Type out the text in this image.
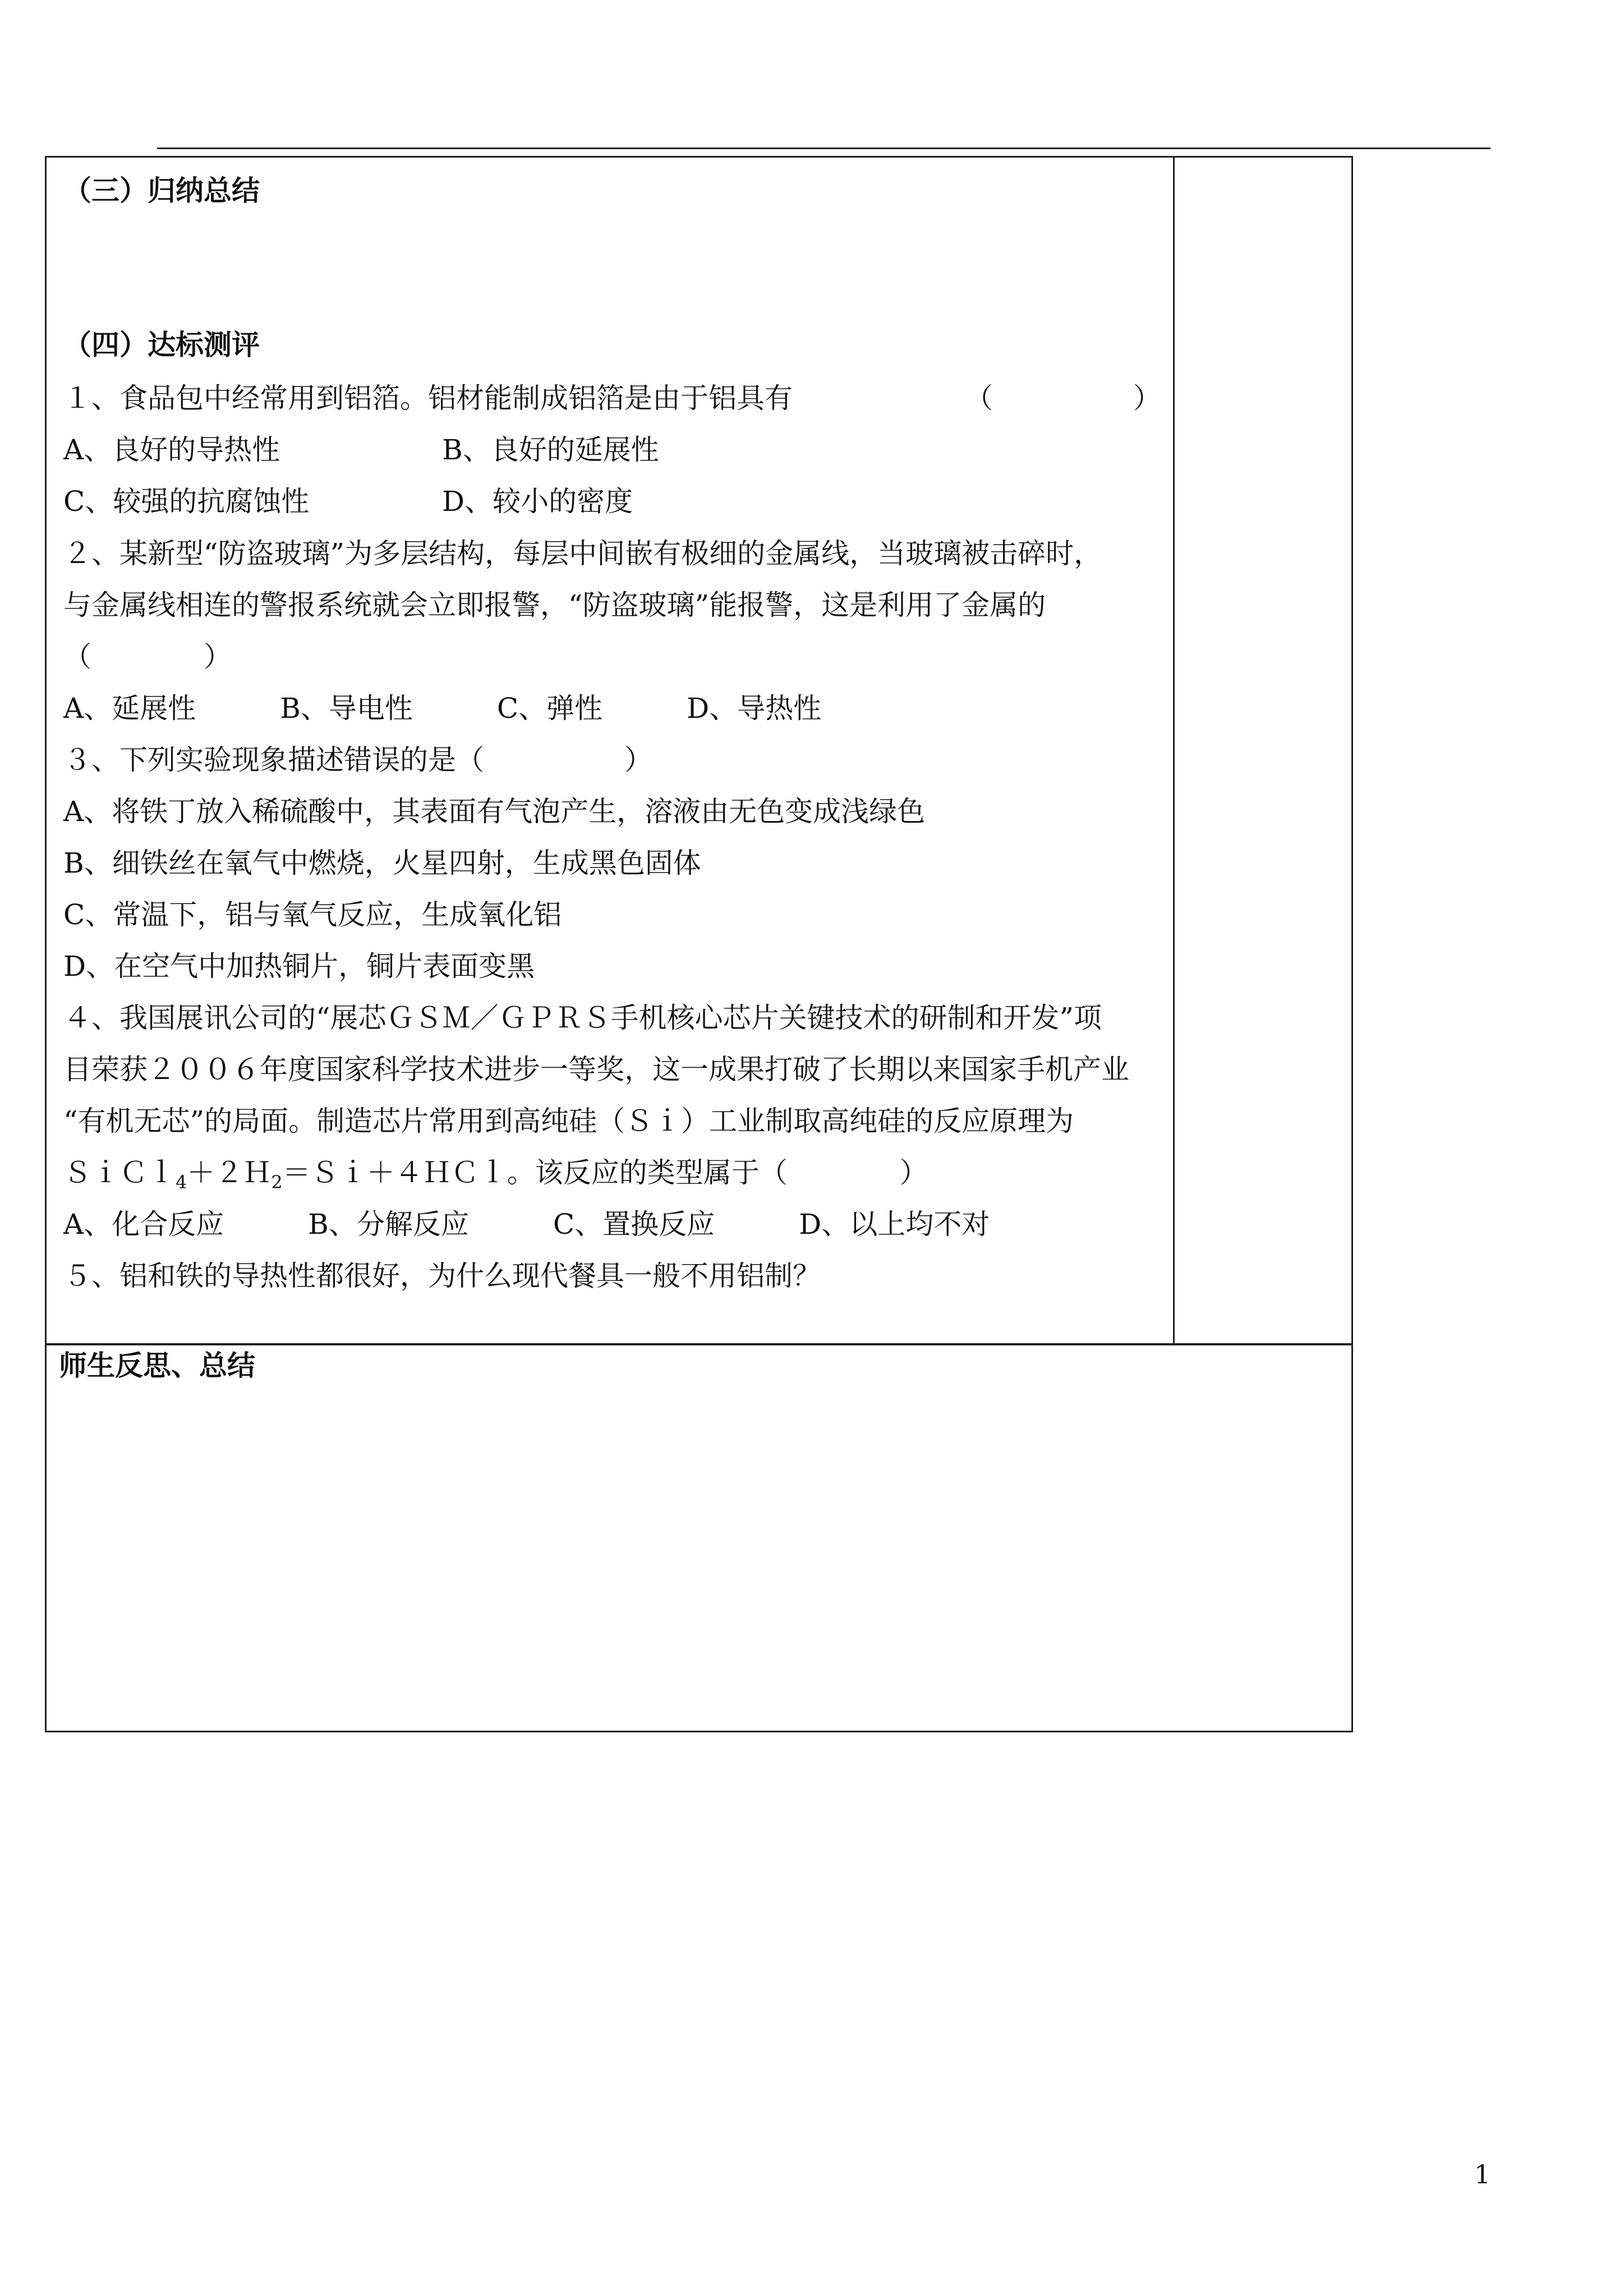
（三）归纳总结
（四）达标测评
１、食品包中经常用到铝箔。铝材能制成铝箔是由于铝具有	（　　　　　）
A、良好的导热性	B、良好的延展性
C、较强的抗腐蚀性	D、较小的密度
２、某新型“防盗玻璃”为多层结构，每层中间嵌有极细的金属线，当玻璃被击碎时，
与金属线相连的警报系统就会立即报警，“防盗玻璃”能报警，这是利用了金属的
（　　　　）
A、延展性　　　B、导电性　　　C、弹性　　　D、导热性
３、下列实验现象描述错误的是（　　　　　）
A、将铁丁放入稀硫酸中，其表面有气泡产生，溶液由无色变成浅绿色
B、细铁丝在氧气中燃烧，火星四射，生成黑色固体
C、常温下，铝与氧气反应，生成氧化铝
D、在空气中加热铜片，铜片表面变黑
４、我国展讯公司的“展芯ＧＳＭ／ＧＰＲＳ手机核心芯片关键技术的研制和开发”项
目荣获２００６年度国家科学技术进步一等奖，这一成果打破了长期以来国家手机产业
“有机无芯”的局面。制造芯片常用到高纯硅（Ｓｉ）工业制取高纯硅的反应原理为
ＳｉＣｌ$_4$＋２Ｈ$_2$＝Ｓｉ＋４ＨＣｌ。该反应的类型属于（　　　　）
A、化合反应　　　B、分解反应　　　C、置换反应　　　D、以上均不对
５、铝和铁的导热性都很好，为什么现代餐具一般不用铝制？
师生反思、总结
1
